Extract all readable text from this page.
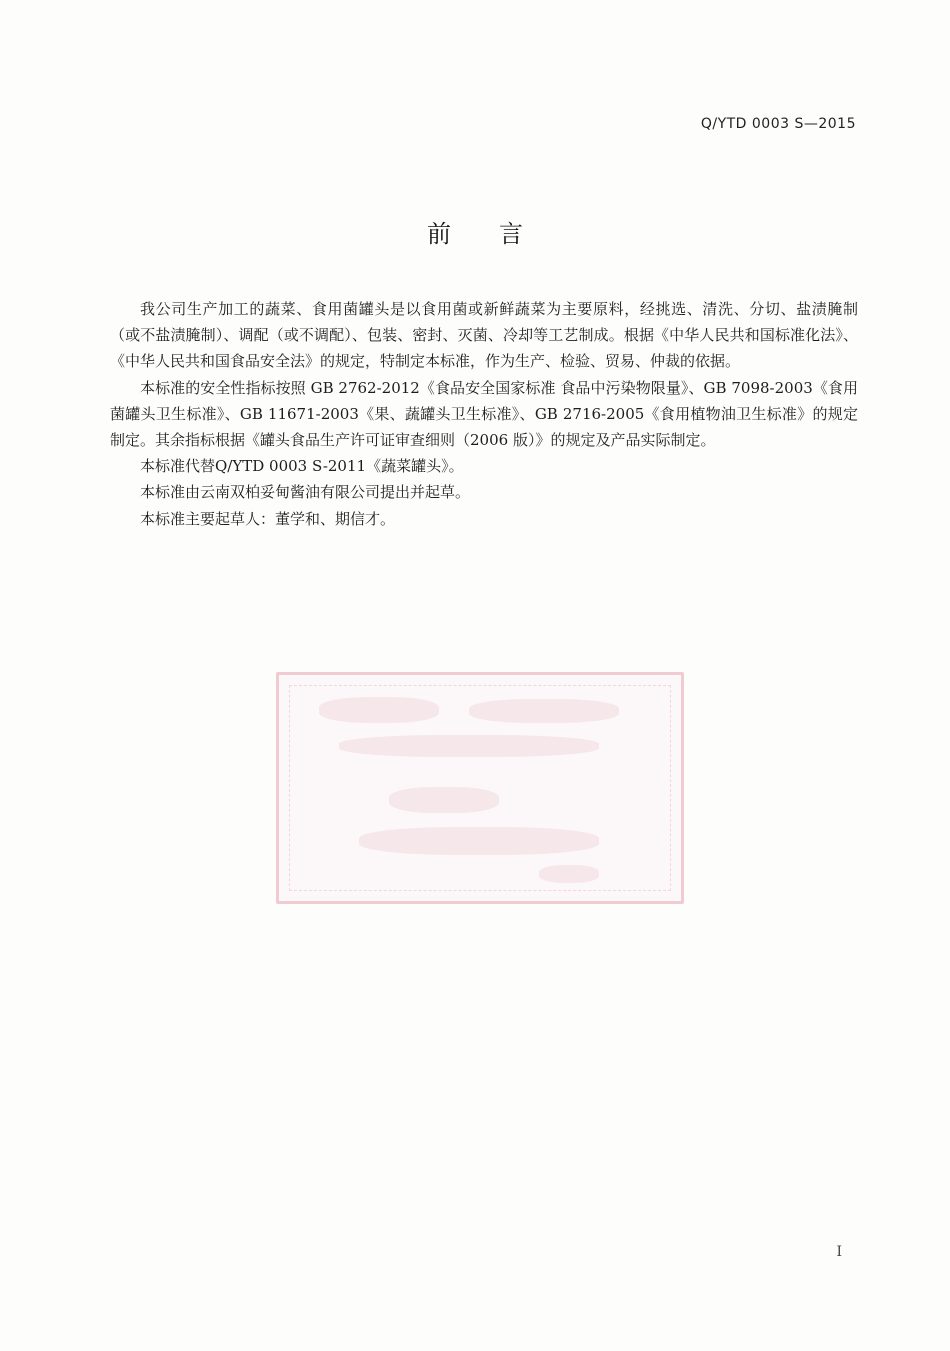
Q/YTD 0003 S—2015
前言

我公司生产加工的蔬菜、食用菌罐头是以食用菌或新鲜蔬菜为主要原料，经挑选、清洗、分切、盐渍腌制（或不盐渍腌制）、调配（或不调配）、包装、密封、灭菌、冷却等工艺制成。根据《中华人民共和国标准化法》、《中华人民共和国食品安全法》的规定，特制定本标准，作为生产、检验、贸易、仲裁的依据。

本标准的安全性指标按照 GB 2762-2012《食品安全国家标准 食品中污染物限量》、GB 7098-2003《食用菌罐头卫生标准》、GB 11671-2003《果、蔬罐头卫生标准》、GB 2716-2005《食用植物油卫生标准》的规定制定。其余指标根据《罐头食品生产许可证审查细则（2006 版）》的规定及产品实际制定。

本标准代替Q/YTD 0003 S-2011《蔬菜罐头》。

本标准由云南双柏妥甸酱油有限公司提出并起草。

本标准主要起草人：董学和、期信才。

I
